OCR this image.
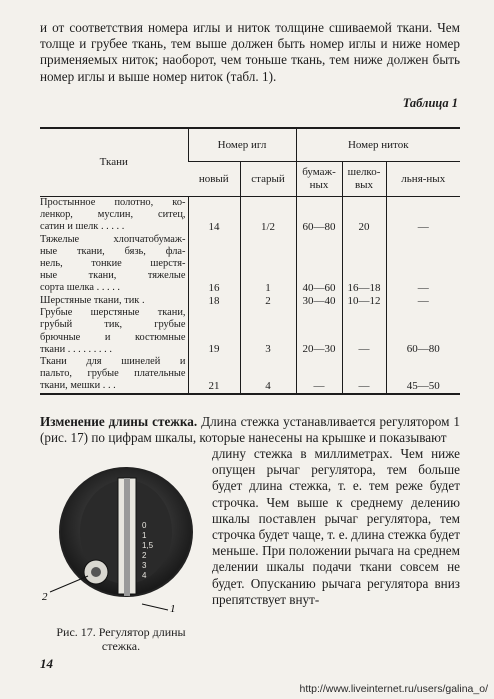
и от соответствия номера иглы и ниток толщине сшиваемой ткани. Чем толще и грубее ткань, тем выше должен быть номер иглы и ниже номер применяемых ниток; наоборот, чем тоньше ткань, тем ниже должен быть номер иглы и выше номер ниток (табл. 1).
Таблица 1
Ткани	Номер игл		Номер ниток		
	новый	старый	бумаж-ных	шелко-вых	льня-ных

Простынное полотно, ко-
ленкор, муслин, ситец,
сатин и шелк . . . . .	14	1/2	60—80	20	—

Тяжелые хлопчатобумаж-
ные ткани, бязь, флa-
нель, тонкие шерстя-
ные ткани, тяжелые
сорта шелка . . . . .	16	1	40—60	16—18	—

Шерстяные ткани, тик .	18	2	30—40	10—12	—

Грубые шерстяные ткани,
грубый тик, грубые
брючные и костюмные
ткани . . . . . . . . .	19	3	20—30	—	60—80

Ткани для шинелей и
пальто, грубые плательные ткани, мешки . . .	21	4	—	—	45—50
Изменение длины стежка. Длина стежка устанавливается регулятором 1 (рис. 17) по цифрам шкалы, которые нанесены на крышке и показывают
длину стежка в миллиметрах. Чем ниже опущен рычаг регулятора, тем больше будет длина стежка, т. е. тем реже будет строчка. Чем выше к среднему делению шкалы поставлен рычаг регулятора, тем строчка будет чаще, т. е. длина стежка будет меньше. При положении рычага на среднем делении шкалы подачи ткани совсем не будет. Опусканию рычага регулятора вниз препятствует внут-
0
1
1,5
2
3
4
2
1
Рис. 17. Регулятор длины стежка.
14
http://www.liveinternet.ru/users/galina_o/
